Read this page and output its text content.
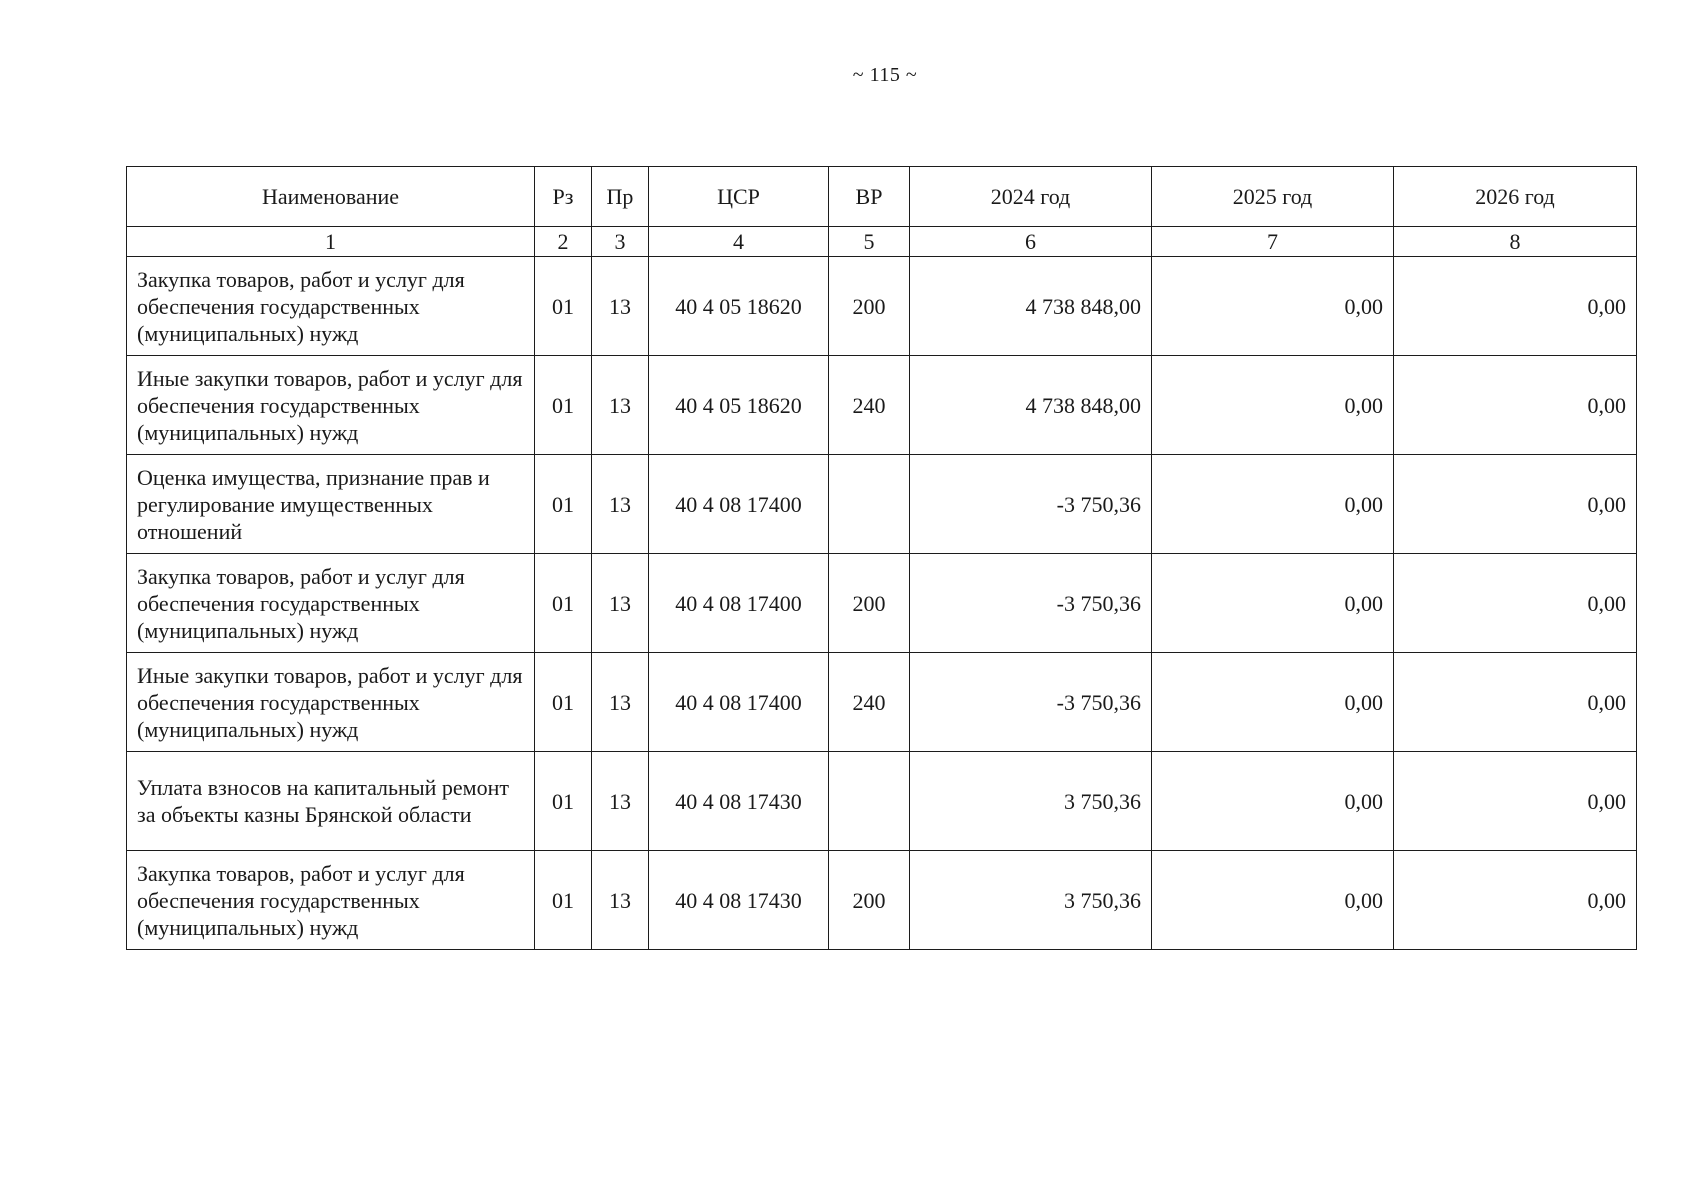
~ 115 ~
Наименование	Рз	Пр	ЦСР	ВР	2024 год	2025 год	2026 год
1	2	3	4	5	6	7	8
Закупка товаров, работ и услуг для обеспечения государственных (муниципальных) нужд	01	13	40 4 05 18620	200	4 738 848,00	0,00	0,00
Иные закупки товаров, работ и услуг для обеспечения государственных (муниципальных) нужд	01	13	40 4 05 18620	240	4 738 848,00	0,00	0,00
Оценка имущества, признание прав и регулирование имущественных отношений	01	13	40 4 08 17400		-3 750,36	0,00	0,00
Закупка товаров, работ и услуг для обеспечения государственных (муниципальных) нужд	01	13	40 4 08 17400	200	-3 750,36	0,00	0,00
Иные закупки товаров, работ и услуг для обеспечения государственных (муниципальных) нужд	01	13	40 4 08 17400	240	-3 750,36	0,00	0,00
Уплата взносов на капитальный ремонт за объекты казны Брянской области	01	13	40 4 08 17430		3 750,36	0,00	0,00
Закупка товаров, работ и услуг для обеспечения государственных (муниципальных) нужд	01	13	40 4 08 17430	200	3 750,36	0,00	0,00
